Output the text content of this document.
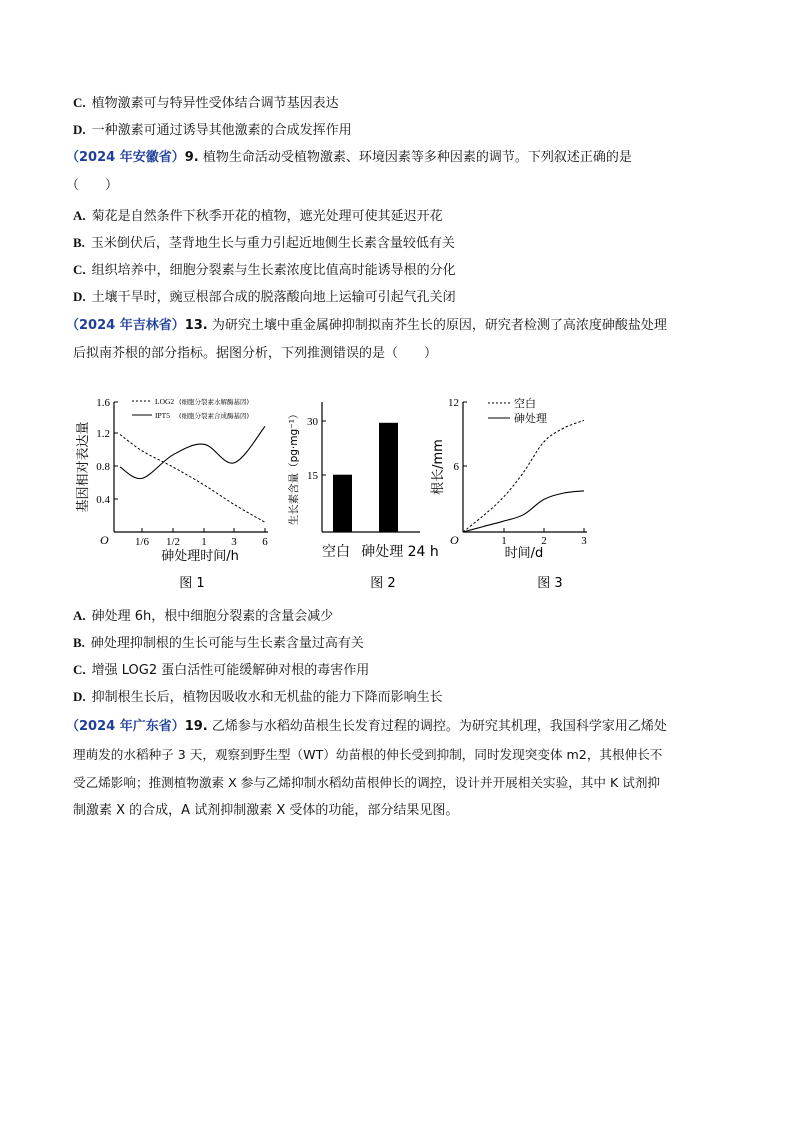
C. 植物激素可与特异性受体结合调节基因表达
D. 一种激素可通过诱导其他激素的合成发挥作用
（2024 年安徽省）9. 植物生命活动受植物激素、环境因素等多种因素的调节。下列叙述正确的是
（　　）
A. 菊花是自然条件下秋季开花的植物，遮光处理可使其延迟开花
B. 玉米倒伏后，茎背地生长与重力引起近地侧生长素含量较低有关
C. 组织培养中，细胞分裂素与生长素浓度比值高时能诱导根的分化
D. 土壤干旱时，豌豆根部合成的脱落酸向地上运输可引起气孔关闭
（2024 年吉林省）13. 为研究土壤中重金属砷抑制拟南芥生长的原因，研究者检测了高浓度砷酸盐处理
后拟南芥根的部分指标。据图分析，下列推测错误的是（　　）
0.4
0.8
1.2
1.6
1/6 1/2 1 3 6
O
砷处理时间/h
基因相对表达量
LOG2 (细胞分裂素水解酶基因)
IPT5 (细胞分裂素合成酶基因)
图 1
15
30
生长素含量（pg·mg⁻¹）
空白 砷处理 24 h
图 2
6
12
1	2	3
O
时间/d
根长/mm
空白
砷处理
图 3
A. 砷处理 6h，根中细胞分裂素的含量会减少
B. 砷处理抑制根的生长可能与生长素含量过高有关
C. 增强 LOG2 蛋白活性可能缓解砷对根的毒害作用
D. 抑制根生长后，植物因吸收水和无机盐的能力下降而影响生长
（2024 年广东省）19. 乙烯参与水稻幼苗根生长发育过程的调控。为研究其机理，我国科学家用乙烯处
理萌发的水稻种子 3 天，观察到野生型（WT）幼苗根的伸长受到抑制，同时发现突变体 m2，其根伸长不
受乙烯影响；推测植物激素 X 参与乙烯抑制水稻幼苗根伸长的调控，设计并开展相关实验，其中 K 试剂抑
制激素 X 的合成，A 试剂抑制激素 X 受体的功能，部分结果见图。
